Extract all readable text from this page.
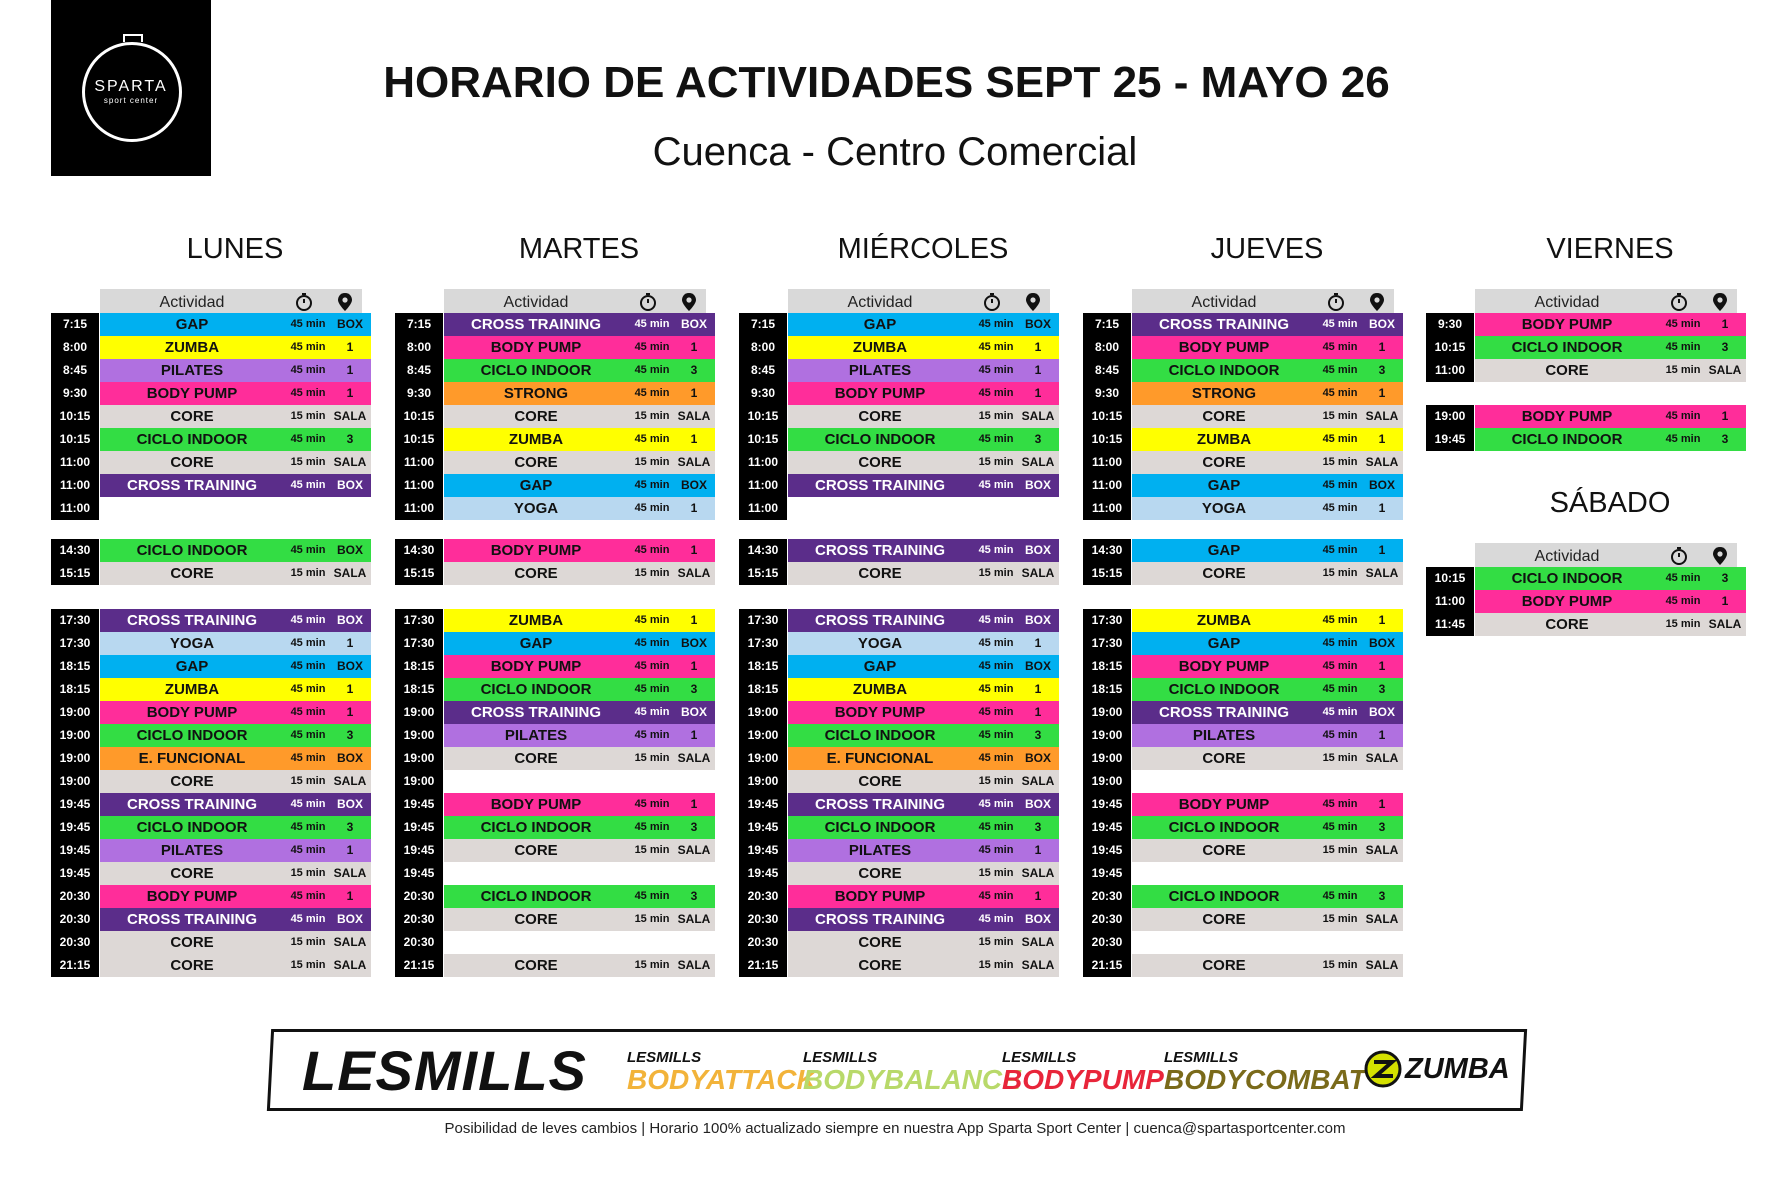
SPARTA
sport center	HORARIO DE ACTIVIDADES SEPT 25 - MAYO 26
Cuenca - Centro Comercial
LUNES
Actividad
7:15	GAP	45 min BOX
8:00	ZUMBA	45 min	1
8:45	PILATES	45 min	1
9:30	BODY PUMP	45 min	1
10:15	CORE	15 min SALA
10:15	CICLO INDOOR	45 min	3
11:00	CORE	15 min SALA
11:00	CROSS TRAINING	45 min BOX
11:00
14:30	CICLO INDOOR	45 min BOX
15:15	CORE	15 min SALA
17:30	CROSS TRAINING	45 min BOX
17:30	YOGA	45 min	1
18:15	GAP	45 min BOX
18:15	ZUMBA	45 min	1
19:00	BODY PUMP	45 min	1
19:00	CICLO INDOOR	45 min	3
19:00	E. FUNCIONAL	45 min BOX
19:00	CORE	15 min SALA
19:45	CROSS TRAINING	45 min BOX
19:45	CICLO INDOOR	45 min	3
19:45	PILATES	45 min	1
19:45	CORE	15 min SALA
20:30	BODY PUMP	45 min	1
20:30	CROSS TRAINING	45 min BOX
20:30	CORE	15 min SALA
21:15	CORE	15 min SALA
MARTES
Actividad
7:15	CROSS TRAINING	45 min BOX
8:00	BODY PUMP	45 min	1
8:45	CICLO INDOOR	45 min	3
9:30	STRONG	45 min	1
10:15	CORE	15 min SALA
10:15	ZUMBA	45 min	1
11:00	CORE	15 min SALA
11:00	GAP	45 min BOX
11:00	YOGA	45 min	1
14:30	BODY PUMP	45 min	1
15:15	CORE	15 min SALA
17:30	ZUMBA	45 min	1
17:30	GAP	45 min BOX
18:15	BODY PUMP	45 min	1
18:15	CICLO INDOOR	45 min	3
19:00	CROSS TRAINING	45 min BOX
19:00	PILATES	45 min	1
19:00	CORE	15 min SALA
19:00
19:45	BODY PUMP	45 min	1
19:45	CICLO INDOOR	45 min	3
19:45	CORE	15 min SALA
19:45
20:30	CICLO INDOOR	45 min	3
20:30	CORE	15 min SALA
20:30
21:15	CORE	15 min SALA
MIÉRCOLES
Actividad
7:15	GAP	45 min BOX
8:00	ZUMBA	45 min	1
8:45	PILATES	45 min	1
9:30	BODY PUMP	45 min	1
10:15	CORE	15 min SALA
10:15	CICLO INDOOR	45 min	3
11:00	CORE	15 min SALA
11:00	CROSS TRAINING	45 min BOX
11:00
14:30	CROSS TRAINING	45 min BOX
15:15	CORE	15 min SALA
17:30	CROSS TRAINING	45 min BOX
17:30	YOGA	45 min	1
18:15	GAP	45 min BOX
18:15	ZUMBA	45 min	1
19:00	BODY PUMP	45 min	1
19:00	CICLO INDOOR	45 min	3
19:00	E. FUNCIONAL	45 min BOX
19:00	CORE	15 min SALA
19:45	CROSS TRAINING	45 min BOX
19:45	CICLO INDOOR	45 min	3
19:45	PILATES	45 min	1
19:45	CORE	15 min SALA
20:30	BODY PUMP	45 min	1
20:30	CROSS TRAINING	45 min BOX
20:30	CORE	15 min SALA
21:15	CORE	15 min SALA
JUEVES
Actividad
7:15	CROSS TRAINING	45 min BOX
8:00	BODY PUMP	45 min	1
8:45	CICLO INDOOR	45 min	3
9:30	STRONG	45 min	1
10:15	CORE	15 min SALA
10:15	ZUMBA	45 min	1
11:00	CORE	15 min SALA
11:00	GAP	45 min BOX
11:00	YOGA	45 min	1
14:30	GAP	45 min	1
15:15	CORE	15 min SALA
17:30	ZUMBA	45 min	1
17:30	GAP	45 min BOX
18:15	BODY PUMP	45 min	1
18:15	CICLO INDOOR	45 min	3
19:00	CROSS TRAINING	45 min BOX
19:00	PILATES	45 min	1
19:00	CORE	15 min SALA
19:00
19:45	BODY PUMP	45 min	1
19:45	CICLO INDOOR	45 min	3
19:45	CORE	15 min SALA
19:45
20:30	CICLO INDOOR	45 min	3
20:30	CORE	15 min SALA
20:30
21:15	CORE	15 min SALA
VIERNES
Actividad
9:30	BODY PUMP	45 min	1
10:15	CICLO INDOOR	45 min	3
11:00	CORE	15 min SALA
19:00	BODY PUMP	45 min	1
19:45	CICLO INDOOR	45 min	3
SÁBADO
Actividad
10:15	CICLO INDOOR	45 min	3
11:00	BODY PUMP	45 min	1
11:45	CORE	15 min SALA
LESMILLS	LESMILLS
BODYATTACK
LESMILLS
BODYBALANCE
LESMILLS
BODYPUMP
LESMILLS
BODYCOMBAT ZUMBA
Posibilidad de leves cambios | Horario 100% actualizado siempre en nuestra App Sparta Sport Center | cuenca@spartasportcenter.com
